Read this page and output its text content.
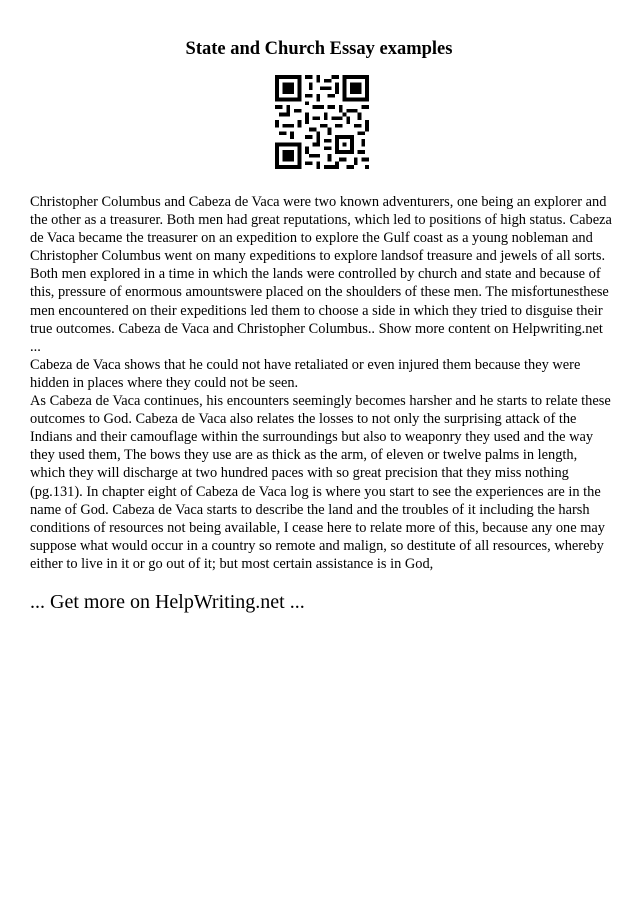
State and Church Essay examples

Christopher Columbus and Cabeza de Vaca were two known adventurers, one being an explorer and the other as a treasurer. Both men had great reputations, which led to positions of high status. Cabeza de Vaca became the treasurer on an expedition to explore the Gulf coast as a young nobleman and Christopher Columbus went on many expeditions to explore landsof treasure and jewels of all sorts. Both men explored in a time in which the lands were controlled by church and state and because of this, pressure of enormous amountswere placed on the shoulders of these men. The misfortunesthese men encountered on their expeditions led them to choose a side in which they tried to disguise their true outcomes. Cabeza de Vaca and Christopher Columbus.. Show more content on Helpwriting.net ...

Cabeza de Vaca shows that he could not have retaliated or even injured them because they were hidden in places where they could not be seen.

As Cabeza de Vaca continues, his encounters seemingly becomes harsher and he starts to relate these outcomes to God. Cabeza de Vaca also relates the losses to not only the surprising attack of the Indians and their camouflage within the surroundings but also to weaponry they used and the way they used them, The bows they use are as thick as the arm, of eleven or twelve palms in length, which they will discharge at two hundred paces with so great precision that they miss nothing (pg.131). In chapter eight of Cabeza de Vaca log is where you start to see the experiences are in the name of God. Cabeza de Vaca starts to describe the land and the troubles of it including the harsh conditions of resources not being available, I cease here to relate more of this, because any one may suppose what would occur in a country so remote and malign, so destitute of all resources, whereby either to live in it or go out of it; but most certain assistance is in God,

... Get more on HelpWriting.net ...
